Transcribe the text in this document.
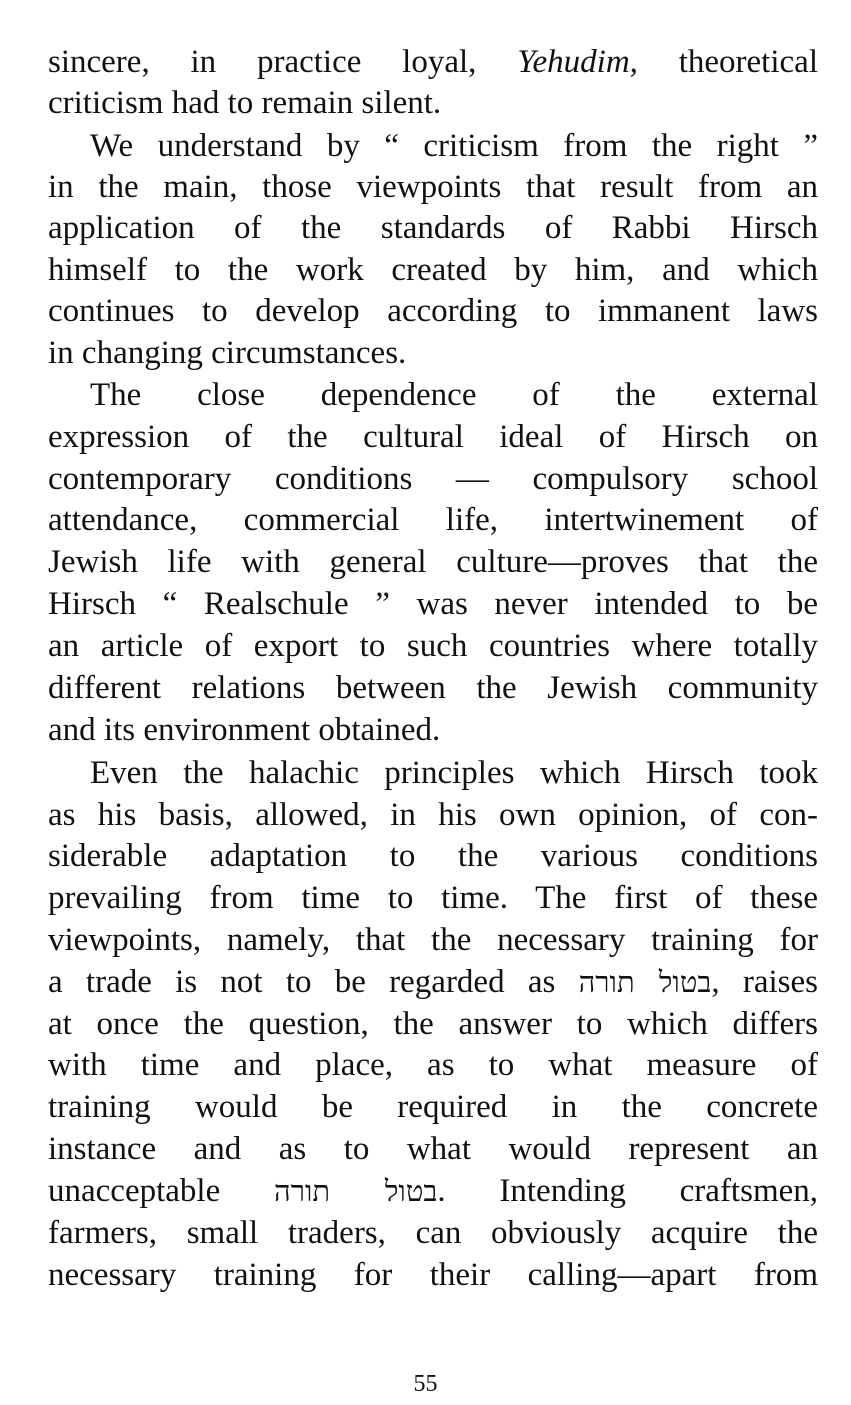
sincere, in practice loyal, Yehudim, theoretical
criticism had to remain silent.
We understand by “ criticism from the right ”
in the main, those viewpoints that result from an
application of the standards of Rabbi Hirsch
himself to the work created by him, and which
continues to develop according to immanent laws
in changing circumstances.
The close dependence of the external
expression of the cultural ideal of Hirsch on
contemporary conditions — compulsory school
attendance, commercial life, intertwinement of
Jewish life with general culture—proves that the
Hirsch “ Realschule ” was never intended to be
an article of export to such countries where totally
different relations between the Jewish community
and its environment obtained.
Even the halachic principles which Hirsch took
as his basis, allowed, in his own opinion, of con-
siderable adaptation to the various conditions
prevailing from time to time. The first of these
viewpoints, namely, that the necessary training for
a trade is not to be regarded as בטול תורה, raises
at once the question, the answer to which differs
with time and place, as to what measure of
training would be required in the concrete
instance and as to what would represent an
unacceptable בטול תורה. Intending craftsmen,
farmers, small traders, can obviously acquire the
necessary training for their calling—apart from
55
